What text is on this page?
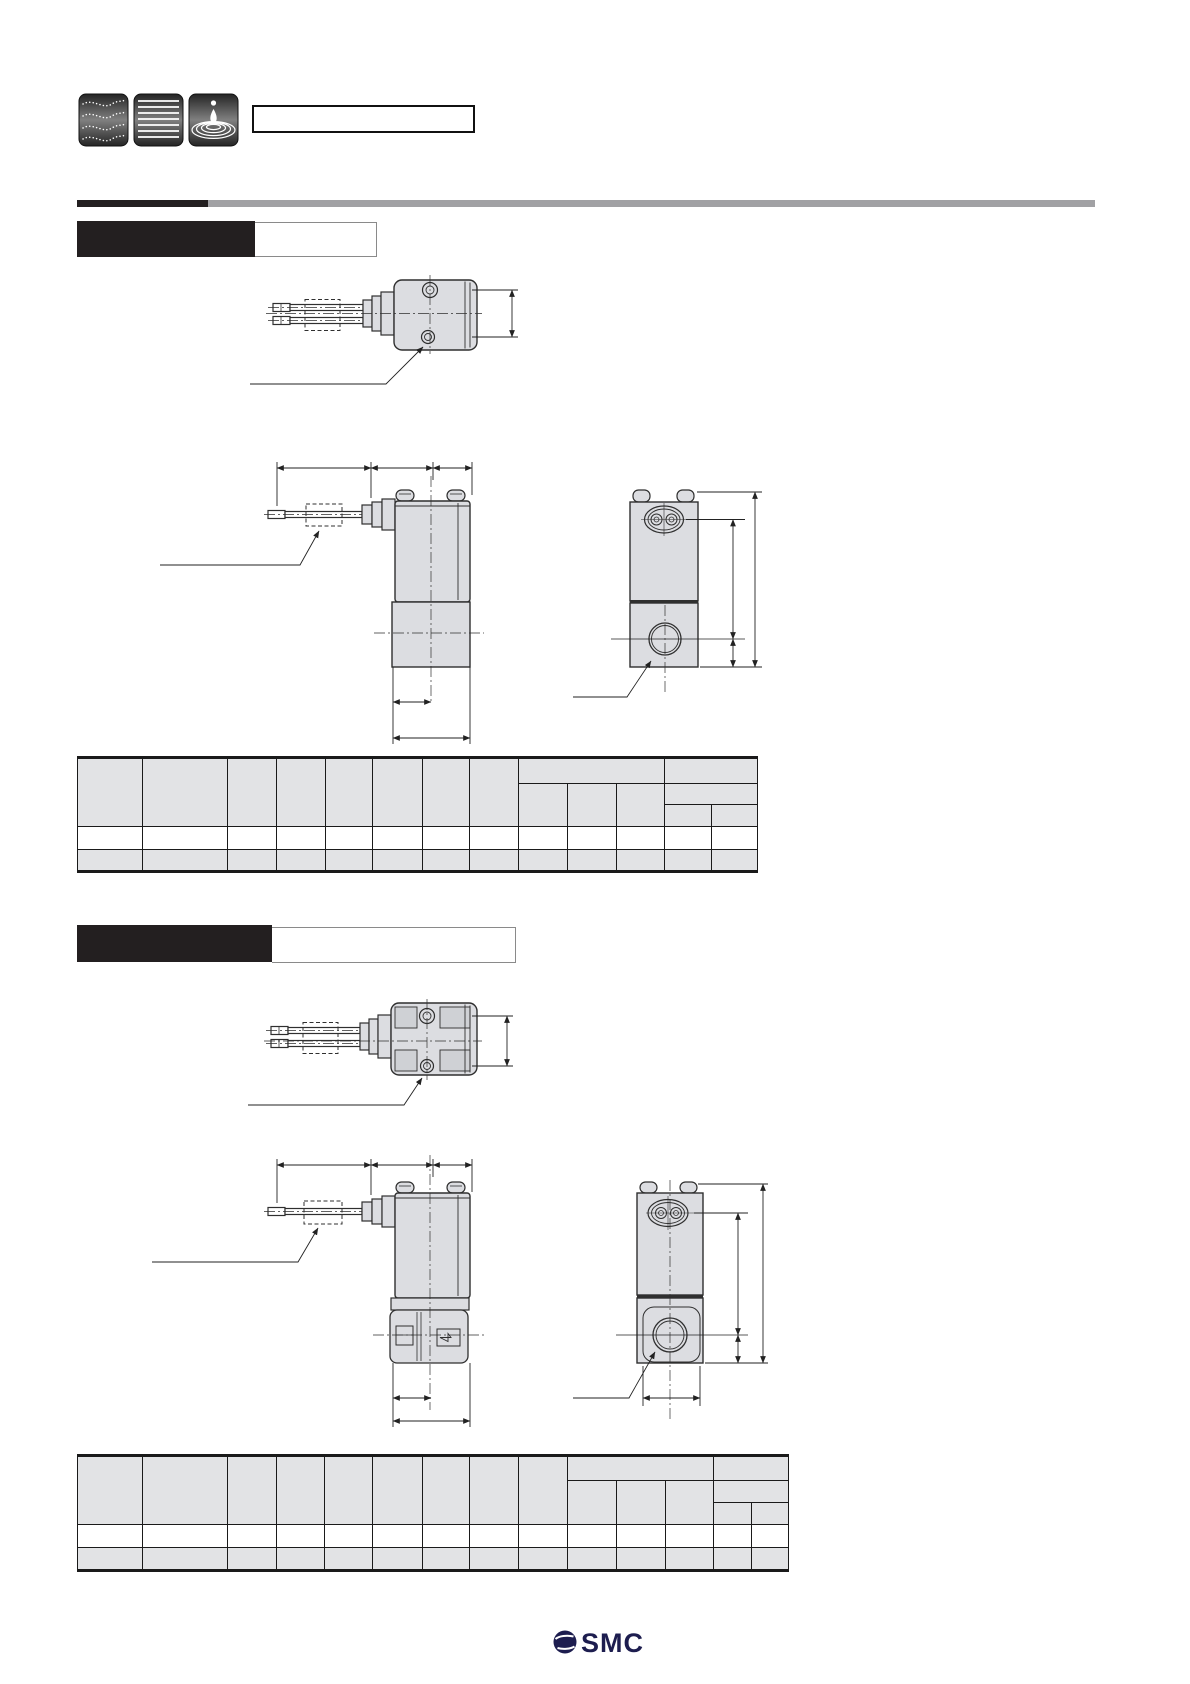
SMC
